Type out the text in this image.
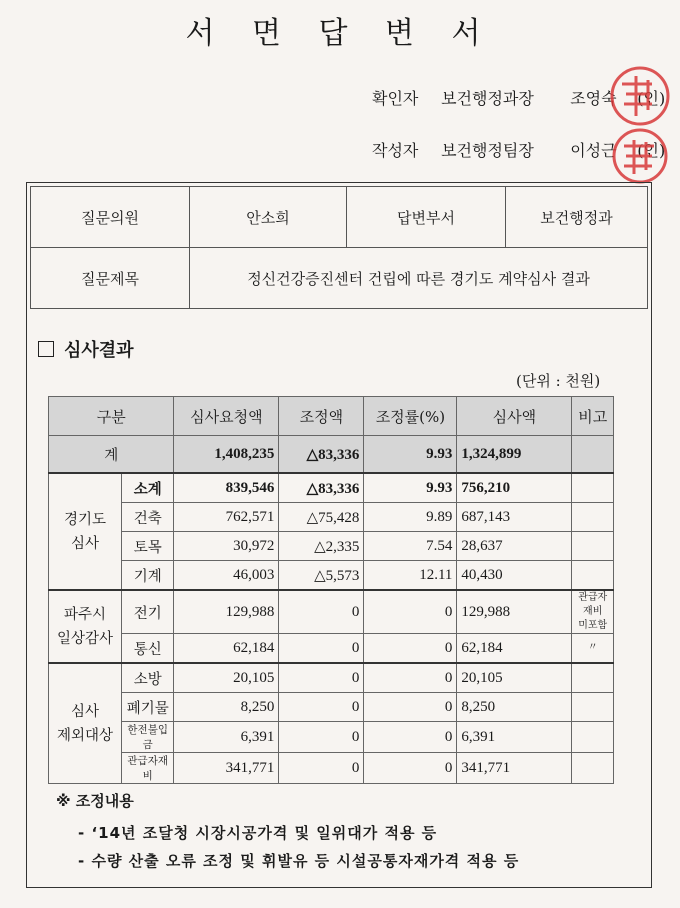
서 면 답 변 서
확인자 보건행정과장 조영숙 (인)
작성자 보건행정팀장 이성근 (인)
질문의원	안소희	답변부서	보건행정과
질문제목	정신건강증진센터 건립에 따른 경기도 계약심사 결과		
심사결과
(단위 : 천원)
구분		심사요청액	조정액	조정률(%)	심사액	비고
계		1,408,235	△83,336	9.93	1,324,899	
경기도
심사	소계	839,546	△83,336	9.93	756,210	
	건축	762,571	△75,428	9.89	687,143	
	토목	30,972	△2,335	7.54	28,637	
	기계	46,003	△5,573	12.11	40,430	
파주시
일상감사	전기	129,988	0	0	129,988	관급자재비
미포함
	통신	62,184	0	0	62,184	〃
심사
제외대상	소방	20,105	0	0	20,105	
	폐기물	8,250	0	0	8,250	
	한전불입금	6,391	0	0	6,391	
	관급자재비	341,771	0	0	341,771	
※ 조정내용
- ‘14년 조달청 시장시공가격 및 일위대가 적용 등
- 수량 산출 오류 조정 및 휘발유 등 시설공통자재가격 적용 등
